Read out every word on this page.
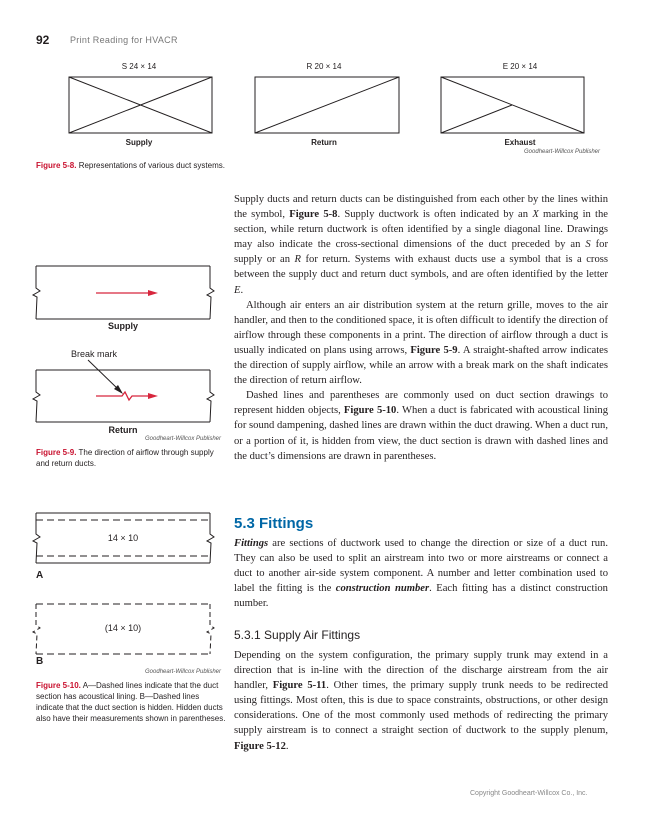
92 Print Reading for HVACR
S 24 × 14	R 20 × 14	E 20 × 14
Supply	Return	Exhaust
Goodheart-Willcox Publisher
Figure 5-8. Representations of various duct systems.
Supply
Break mark
Return
Goodheart-Willcox Publisher
Figure 5-9. The direction of airflow through supply and return ducts.
14 × 10
A
(14 × 10)
B
Goodheart-Willcox Publisher
Figure 5-10. A—Dashed lines indicate that the duct section has acoustical lining. B—Dashed lines indicate that the duct section is hidden. Hidden ducts also have their measurements shown in parentheses.

Supply ducts and return ducts can be distinguished from each other by the lines within the symbol, Figure 5-8. Supply ductwork is often indicated by an X marking in the section, while return ductwork is often identified by a single diagonal line. Drawings may also indicate the cross-sectional dimensions of the duct preceded by an S for supply or an R for return. Systems with exhaust ducts use a symbol that is a cross between the supply duct and return duct symbols, and are often identified by the letter E.

Although air enters an air distribution system at the return grille, moves to the air handler, and then to the conditioned space, it is often difficult to identify the direction of airflow through these components in a print. The direction of airflow through a duct is usually indicated on plans using arrows, Figure 5-9. A straight-shafted arrow indicates the direction of supply airflow, while an arrow with a break mark on the shaft indicates the direction of return airflow.

Dashed lines and parentheses are commonly used on duct section drawings to represent hidden objects, Figure 5-10. When a duct is fabricated with acoustical lining for sound dampening, dashed lines are drawn within the duct drawing. When a duct run, or a portion of it, is hidden from view, the duct section is drawn with dashed lines and the duct’s dimensions are drawn in parentheses.

5.3 Fittings

Fittings are sections of ductwork used to change the direction or size of a duct run. They can also be used to split an airstream into two or more airstreams or connect a duct to another air-side system component. A number and letter combination used to label the fitting is the construction number. Each fitting has a distinct construction number.

5.3.1 Supply Air Fittings

Depending on the system configuration, the primary supply trunk may extend in a direction that is in-line with the direction of the discharge airstream from the air handler, Figure 5-11. Other times, the primary supply trunk needs to be redirected using fittings. Most often, this is due to space constraints, obstructions, or other design considerations. One of the most commonly used methods of redirecting the primary supply airstream is to connect a straight section of ductwork to the supply plenum, Figure 5-12.

Copyright Goodheart-Willcox Co., Inc.
